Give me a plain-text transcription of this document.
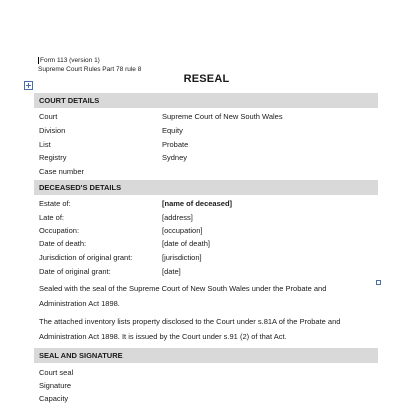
Form 113 (version 1)
Supreme Court Rules Part 78 rule 8
RESEAL
COURT DETAILS
Court	Supreme Court of New South Wales
Division	Equity
List	Probate
Registry	Sydney
Case number
DECEASED'S DETAILS
Estate of:	[name of deceased]
Late of:	[address]
Occupation:	[occupation]
Date of death:	[date of death]
Jurisdiction of original grant:	[jurisdiction]
Date of original grant:	[date]
Sealed with the seal of the Supreme Court of New South Wales under the Probate and
Administration Act 1898.
The attached inventory lists property disclosed to the Court under s.81A of the Probate and
Administration Act 1898. It is issued by the Court under s.91 (2) of that Act.
SEAL AND SIGNATURE
Court seal
Signature
Capacity
